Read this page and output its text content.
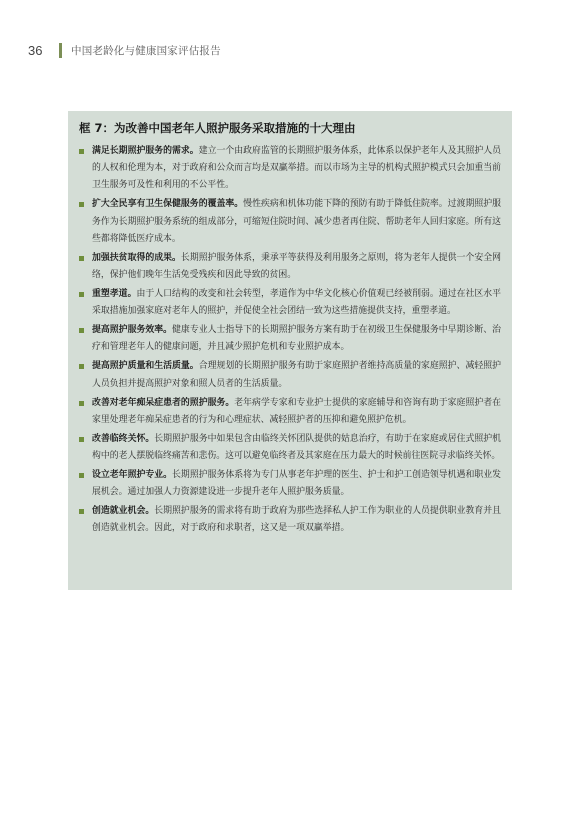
36	中国老龄化与健康国家评估报告
框 7：为改善中国老年人照护服务采取措施的十大理由
满足长期照护服务的需求。建立一个由政府监管的长期照护服务体系，此体系以保护老年人及其照护人员的人权和伦理为本，对于政府和公众而言均是双赢举措。而以市场为主导的机构式照护模式只会加重当前卫生服务可及性和利用的不公平性。
扩大全民享有卫生保健服务的覆盖率。慢性疾病和机体功能下降的预防有助于降低住院率。过渡期照护服务作为长期照护服务系统的组成部分，可缩短住院时间、减少患者再住院、帮助老年人回归家庭。所有这些都将降低医疗成本。
加强扶贫取得的成果。长期照护服务体系，秉承平等获得及利用服务之原则，将为老年人提供一个安全网络，保护他们晚年生活免受残疾和因此导致的贫困。
重塑孝道。由于人口结构的改变和社会转型，孝道作为中华文化核心价值观已经被削弱。通过在社区水平采取措施加强家庭对老年人的照护，并促使全社会团结一致为这些措施提供支持，重塑孝道。
提高照护服务效率。健康专业人士指导下的长期照护服务方案有助于在初级卫生保健服务中早期诊断、治疗和管理老年人的健康问题，并且减少照护危机和专业照护成本。
提高照护质量和生活质量。合理规划的长期照护服务有助于家庭照护者维持高质量的家庭照护、减轻照护人员负担并提高照护对象和照人员者的生活质量。
改善对老年痴呆症患者的照护服务。老年病学专家和专业护士提供的家庭辅导和咨询有助于家庭照护者在家里处理老年痴呆症患者的行为和心理症状、减轻照护者的压抑和避免照护危机。
改善临终关怀。长期照护服务中如果包含由临终关怀团队提供的姑息治疗，有助于在家庭或居住式照护机构中的老人摆脱临终痛苦和悲伤。这可以避免临终者及其家庭在压力最大的时候前往医院寻求临终关怀。
设立老年照护专业。长期照护服务体系将为专门从事老年护理的医生、护士和护工创造领导机遇和职业发展机会。通过加强人力资源建设进一步提升老年人照护服务质量。
创造就业机会。长期照护服务的需求将有助于政府为那些选择私人护工作为职业的人员提供职业教育并且创造就业机会。因此，对于政府和求职者，这又是一项双赢举措。
